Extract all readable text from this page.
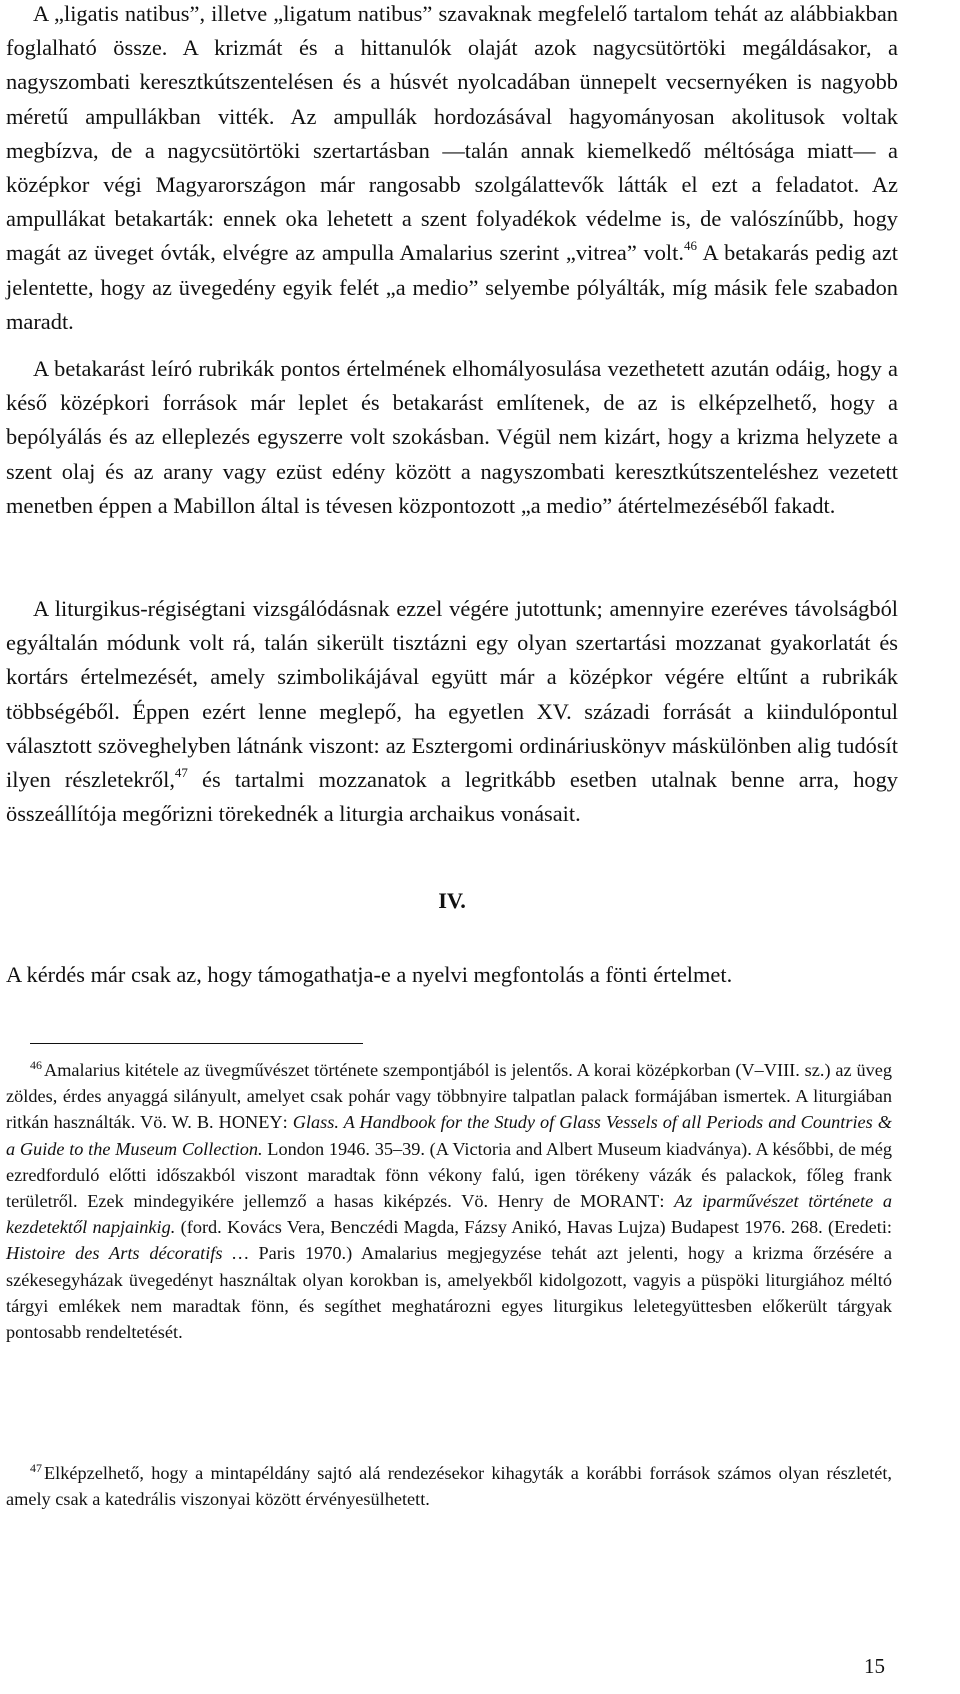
A „ligatis natibus”, illetve „ligatum natibus” szavaknak megfelelő tartalom tehát az alábbiakban foglalható össze. A krizmát és a hittanulók olaját azok nagycsütörtöki megáldásakor, a nagyszombati keresztkútszentelésen és a húsvét nyolcadában ünnepelt vecsernyéken is nagyobb méretű ampullákban vitték. Az ampullák hordozásával hagyományosan akolitusok voltak megbízva, de a nagycsütörtöki szertartásban —talán annak kiemelkedő méltósága miatt— a középkor végi Magyarországon már rangosabb szolgálattevők látták el ezt a feladatot. Az ampullákat betakarták: ennek oka lehetett a szent folyadékok védelme is, de valószínűbb, hogy magát az üveget óvták, elvégre az ampulla Amalarius szerint „vitrea” volt.$^{46}$ A betakarás pedig azt jelentette, hogy az üvegedény egyik felét „a medio” selyembe pólyálták, míg másik fele szabadon maradt.

A betakarást leíró rubrikák pontos értelmének elhomályosulása vezethetett azután odáig, hogy a késő középkori források már leplet és betakarást említenek, de az is elképzelhető, hogy a bepólyálás és az elleplezés egyszerre volt szokásban. Végül nem kizárt, hogy a krizma helyzete a szent olaj és az arany vagy ezüst edény között a nagyszombati keresztkútszenteléshez vezetett menetben éppen a Mabillon által is tévesen központozott „a medio” átértelmezéséből fakadt.

A liturgikus-régiségtani vizsgálódásnak ezzel végére jutottunk; amennyire ezeréves távolságból egyáltalán módunk volt rá, talán sikerült tisztázni egy olyan szertartási mozzanat gyakorlatát és kortárs értelmezését, amely szimbolikájával együtt már a középkor végére eltűnt a rubrikák többségéből. Éppen ezért lenne meglepő, ha egyetlen XV. századi forrását a kiindulópontul választott szöveghelyben látnánk viszont: az Esztergomi ordináriuskönyv máskülönben alig tudósít ilyen részletekről,$^{47}$ és tartalmi mozzanatok a legritkább esetben utalnak benne arra, hogy összeállítója megőrizni törekednék a liturgia archaikus vonásait.

IV.

A kérdés már csak az, hogy támogathatja-e a nyelvi megfontolás a fönti értelmet.

$^{46}$ Amalarius kitétele az üvegművészet története szempontjából is jelentős. A korai középkorban (V–VIII. sz.) az üveg zöldes, érdes anyaggá silányult, amelyet csak pohár vagy többnyire talpatlan palack formájában ismertek. A liturgiában ritkán használták. Vö. W. B. HONEY: Glass. A Handbook for the Study of Glass Vessels of all Periods and Countries & a Guide to the Museum Collection. London 1946. 35–39. (A Victoria and Albert Museum kiadványa). A későbbi, de még ezredforduló előtti időszakból viszont maradtak fönn vékony falú, igen törékeny vázák és palackok, főleg frank területről. Ezek mindegyikére jellemző a hasas kiképzés. Vö. Henry de MORANT: Az iparművészet története a kezdetektől napjainkig. (ford. Kovács Vera, Benczédi Magda, Fázsy Anikó, Havas Lujza) Budapest 1976. 268. (Eredeti: Histoire des Arts décoratifs … Paris 1970.) Amalarius megjegyzése tehát azt jelenti, hogy a krizma őrzésére a székesegyházak üvegedényt használtak olyan korokban is, amelyekből kidolgozott, vagyis a püspöki liturgiához méltó tárgyi emlékek nem maradtak fönn, és segíthet meghatározni egyes liturgikus leletegyüttesben előkerült tárgyak pontosabb rendeltetését.

$^{47}$ Elképzelhető, hogy a mintapéldány sajtó alá rendezésekor kihagyták a korábbi források számos olyan részletét, amely csak a katedrális viszonyai között érvényesülhetett.

15
